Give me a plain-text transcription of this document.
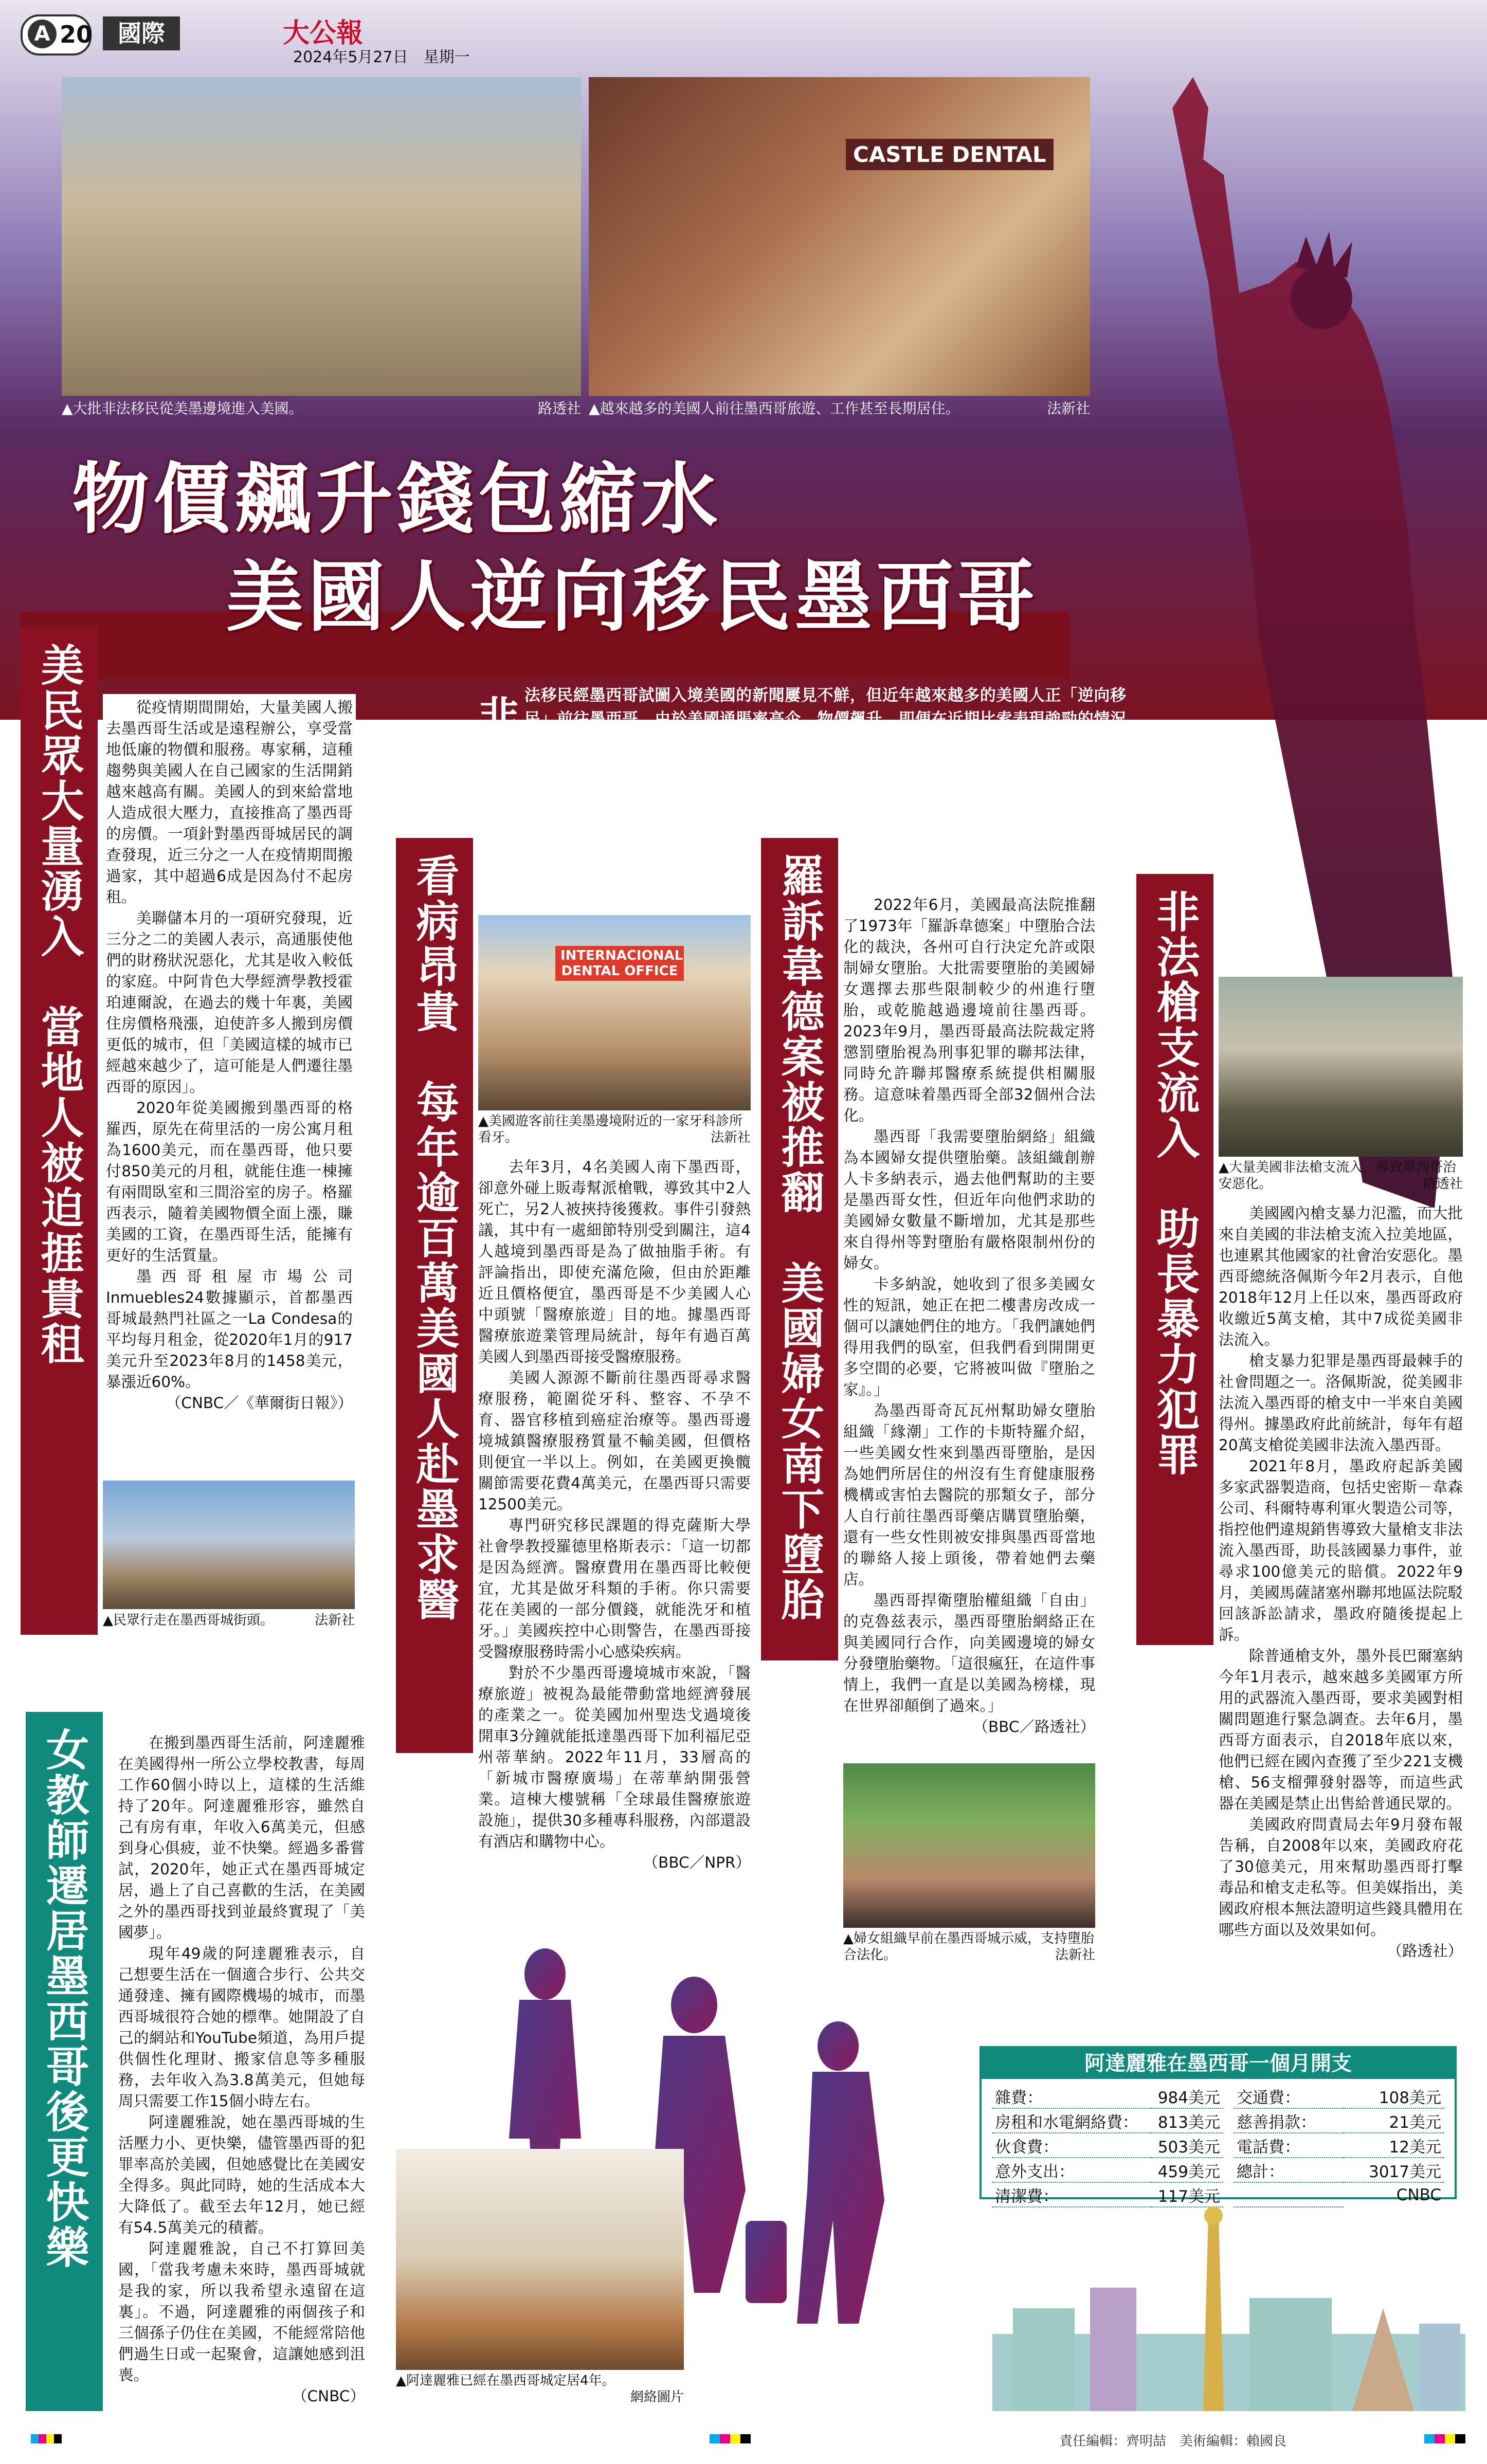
A 20	國際	大公報
2024年5月27日　星期一
▲大批非法移民從美墨邊境進入美國。	路透社
CASTLE DENTAL
▲越來越多的美國人前往墨西哥旅遊、工作甚至長期居住。	法新社
物價飆升錢包縮水
美國人逆向移民墨西哥
非 法移民經墨西哥試圖入境美國的新聞屢見不鮮，但近年越來越多的美國人正「逆向移民」前往墨西哥。由於美國通脹率高企、物價飆升，即便在近期比索表現強勁的情況下，還是有許多美國人選擇舉家搬遷到墨西哥，以節省生活成本。據美國國務院統計，截至2022年，居住在墨西哥的美國籍人士多達約160萬。但對於墨西哥民眾來說，大批美國人的湧入，變相推高了當地的物價和房租，引發強烈不滿，不少當地人要求「停止對墨西哥的殖民」。
美民眾大量湧入　當地人被迫捱貴租	看病昂貴　每年逾百萬美國人赴墨求醫	羅訴韋德案被推翻　美國婦女南下墮胎	非法槍支流入　助長暴力犯罪
女教師遷居墨西哥後更快樂

從疫情期間開始，大量美國人搬去墨西哥生活或是遠程辦公，享受當地低廉的物價和服務。專家稱，這種趨勢與美國人在自己國家的生活開銷越來越高有關。美國人的到來給當地人造成很大壓力，直接推高了墨西哥的房價。一項針對墨西哥城居民的調查發現，近三分之一人在疫情期間搬過家，其中超過6成是因為付不起房租。

美聯儲本月的一項研究發現，近三分之二的美國人表示，高通脹使他們的財務狀況惡化，尤其是收入較低的家庭。中阿肯色大學經濟學教授霍珀連爾說，在過去的幾十年裏，美國住房價格飛漲，迫使許多人搬到房價更低的城市，但「美國這樣的城市已經越來越少了，這可能是人們遷往墨西哥的原因」。

2020年從美國搬到墨西哥的格羅西，原先在荷里活的一房公寓月租為1600美元，而在墨西哥，他只要付850美元的月租，就能住進一棟擁有兩間臥室和三間浴室的房子。格羅西表示，隨着美國物價全面上漲，賺美國的工資，在墨西哥生活，能擁有更好的生活質量。

墨西哥租屋市場公司Inmuebles24數據顯示，首都墨西哥城最熱門社區之一La Condesa的平均每月租金，從2020年1月的917美元升至2023年8月的1458美元，暴漲近60%。

（CNBC／《華爾街日報》）
▲民眾行走在墨西哥城街頭。	法新社

在搬到墨西哥生活前，阿達麗雅在美國得州一所公立學校教書，每周工作60個小時以上，這樣的生活維持了20年。阿達麗雅形容，雖然自己有房有車，年收入6萬美元，但感到身心俱疲，並不快樂。經過多番嘗試，2020年，她正式在墨西哥城定居，過上了自己喜歡的生活，在美國之外的墨西哥找到並最終實現了「美國夢」。

現年49歲的阿達麗雅表示，自己想要生活在一個適合步行、公共交通發達、擁有國際機場的城市，而墨西哥城很符合她的標準。她開設了自己的網站和YouTube頻道，為用戶提供個性化理財、搬家信息等多種服務，去年收入為3.8萬美元，但她每周只需要工作15個小時左右。

阿達麗雅說，她在墨西哥城的生活壓力小、更快樂，儘管墨西哥的犯罪率高於美國，但她感覺比在美國安全得多。與此同時，她的生活成本大大降低了。截至去年12月，她已經有54.5萬美元的積蓄。

阿達麗雅說，自己不打算回美國，「當我考慮未來時，墨西哥城就是我的家，所以我希望永遠留在這裏」。不過，阿達麗雅的兩個孩子和三個孫子仍住在美國，不能經常陪他們過生日或一起聚會，這讓她感到沮喪。

（CNBC）
INTERNACIONAL DENTAL OFFICE
▲美國遊客前往美墨邊境附近的一家牙科診所看牙。	法新社

去年3月，4名美國人南下墨西哥，卻意外碰上販毒幫派槍戰，導致其中2人死亡，另2人被挾持後獲救。事件引發熱議，其中有一處細節特別受到關注，這4人越境到墨西哥是為了做抽脂手術。有評論指出，即使充滿危險，但由於距離近且價格便宜，墨西哥是不少美國人心中頭號「醫療旅遊」目的地。據墨西哥醫療旅遊業管理局統計，每年有過百萬美國人到墨西哥接受醫療服務。

美國人源源不斷前往墨西哥尋求醫療服務，範圍從牙科、整容、不孕不育、器官移植到癌症治療等。墨西哥邊境城鎮醫療服務質量不輸美國，但價格則便宜一半以上。例如，在美國更換髖關節需要花費4萬美元，在墨西哥只需要12500美元。

專門研究移民課題的得克薩斯大學社會學教授羅德里格斯表示：「這一切都是因為經濟。醫療費用在墨西哥比較便宜，尤其是做牙科類的手術。你只需要花在美國的一部分價錢，就能洗牙和植牙。」美國疾控中心則警告，在墨西哥接受醫療服務時需小心感染疾病。

對於不少墨西哥邊境城市來說，「醫療旅遊」被視為最能帶動當地經濟發展的產業之一。從美國加州聖迭戈過境後開車3分鐘就能抵達墨西哥下加利福尼亞州蒂華納。2022年11月，33層高的「新城市醫療廣場」在蒂華納開張營業。這棟大樓號稱「全球最佳醫療旅遊設施」，提供30多種專科服務，內部還設有酒店和購物中心。

（BBC／NPR）

2022年6月，美國最高法院推翻了1973年「羅訴韋德案」中墮胎合法化的裁決，各州可自行決定允許或限制婦女墮胎。大批需要墮胎的美國婦女選擇去那些限制較少的州進行墮胎，或乾脆越過邊境前往墨西哥。2023年9月，墨西哥最高法院裁定將懲罰墮胎視為刑事犯罪的聯邦法律，同時允許聯邦醫療系統提供相關服務。這意味着墨西哥全部32個州合法化。

墨西哥「我需要墮胎網絡」組織為本國婦女提供墮胎藥。該組織創辦人卡多納表示，過去他們幫助的主要是墨西哥女性，但近年向他們求助的美國婦女數量不斷增加，尤其是那些來自得州等對墮胎有嚴格限制州份的婦女。

卡多納說，她收到了很多美國女性的短訊，她正在把二樓書房改成一個可以讓她們住的地方。「我們讓她們得用我們的臥室，但我們看到開開更多空間的必要，它將被叫做『墮胎之家』。」

為墨西哥奇瓦瓦州幫助婦女墮胎組織「緣潮」工作的卡斯特羅介紹，一些美國女性來到墨西哥墮胎，是因為她們所居住的州沒有生育健康服務機構或害怕去醫院的那類女子，部分人自行前往墨西哥藥店購買墮胎藥，還有一些女性則被安排與墨西哥當地的聯絡人接上頭後，帶着她們去藥店。

墨西哥捍衛墮胎權組織「自由」的克魯兹表示，墨西哥墮胎網絡正在與美國同行合作，向美國邊境的婦女分發墮胎藥物。「這很瘋狂，在這件事情上，我們一直是以美國為榜樣，現在世界卻顛倒了過來。」

（BBC／路透社）
▲婦女組織早前在墨西哥城示威，支持墮胎合法化。	法新社
▲大量美國非法槍支流入，導致墨西哥治安惡化。	路透社

美國國內槍支暴力氾濫，而大批來自美國的非法槍支流入拉美地區，也連累其他國家的社會治安惡化。墨西哥總統洛佩斯今年2月表示，自他2018年12月上任以來，墨西哥政府收繳近5萬支槍，其中7成從美國非法流入。

槍支暴力犯罪是墨西哥最棘手的社會問題之一。洛佩斯說，從美國非法流入墨西哥的槍支中一半來自美國得州。據墨政府此前統計，每年有超20萬支槍從美國非法流入墨西哥。

2021年8月，墨政府起訴美國多家武器製造商，包括史密斯－韋森公司、科爾特專利軍火製造公司等，指控他們違規銷售導致大量槍支非法流入墨西哥，助長該國暴力事件，並尋求100億美元的賠償。2022年9月，美國馬薩諸塞州聯邦地區法院駁回該訴訟請求，墨政府隨後提起上訴。

除普通槍支外，墨外長巴爾塞納今年1月表示，越來越多美國軍方所用的武器流入墨西哥，要求美國對相關問題進行緊急調查。去年6月，墨西哥方面表示，自2018年底以來，他們已經在國內查獲了至少221支機槍、56支榴彈發射器等，而這些武器在美國是禁止出售給普通民眾的。

美國政府問責局去年9月發布報告稱，自2008年以來，美國政府花了30億美元，用來幫助墨西哥打擊毒品和槍支走私等。但美媒指出，美國政府根本無法證明這些錢具體用在哪些方面以及效果如何。

（路透社）
▲阿達麗雅已經在墨西哥城定居4年。
網絡圖片
阿達麗雅在墨西哥一個月開支
雜費：	984美元
房租和水電網絡費：	813美元
伙食費：	503美元
意外支出：	459美元
清潔費：	117美元
交通費：	108美元
慈善捐款：	21美元
電話費：	12美元
總計：	3017美元
	CNBC
責任編輯：齊明喆　美術編輯：賴國良
